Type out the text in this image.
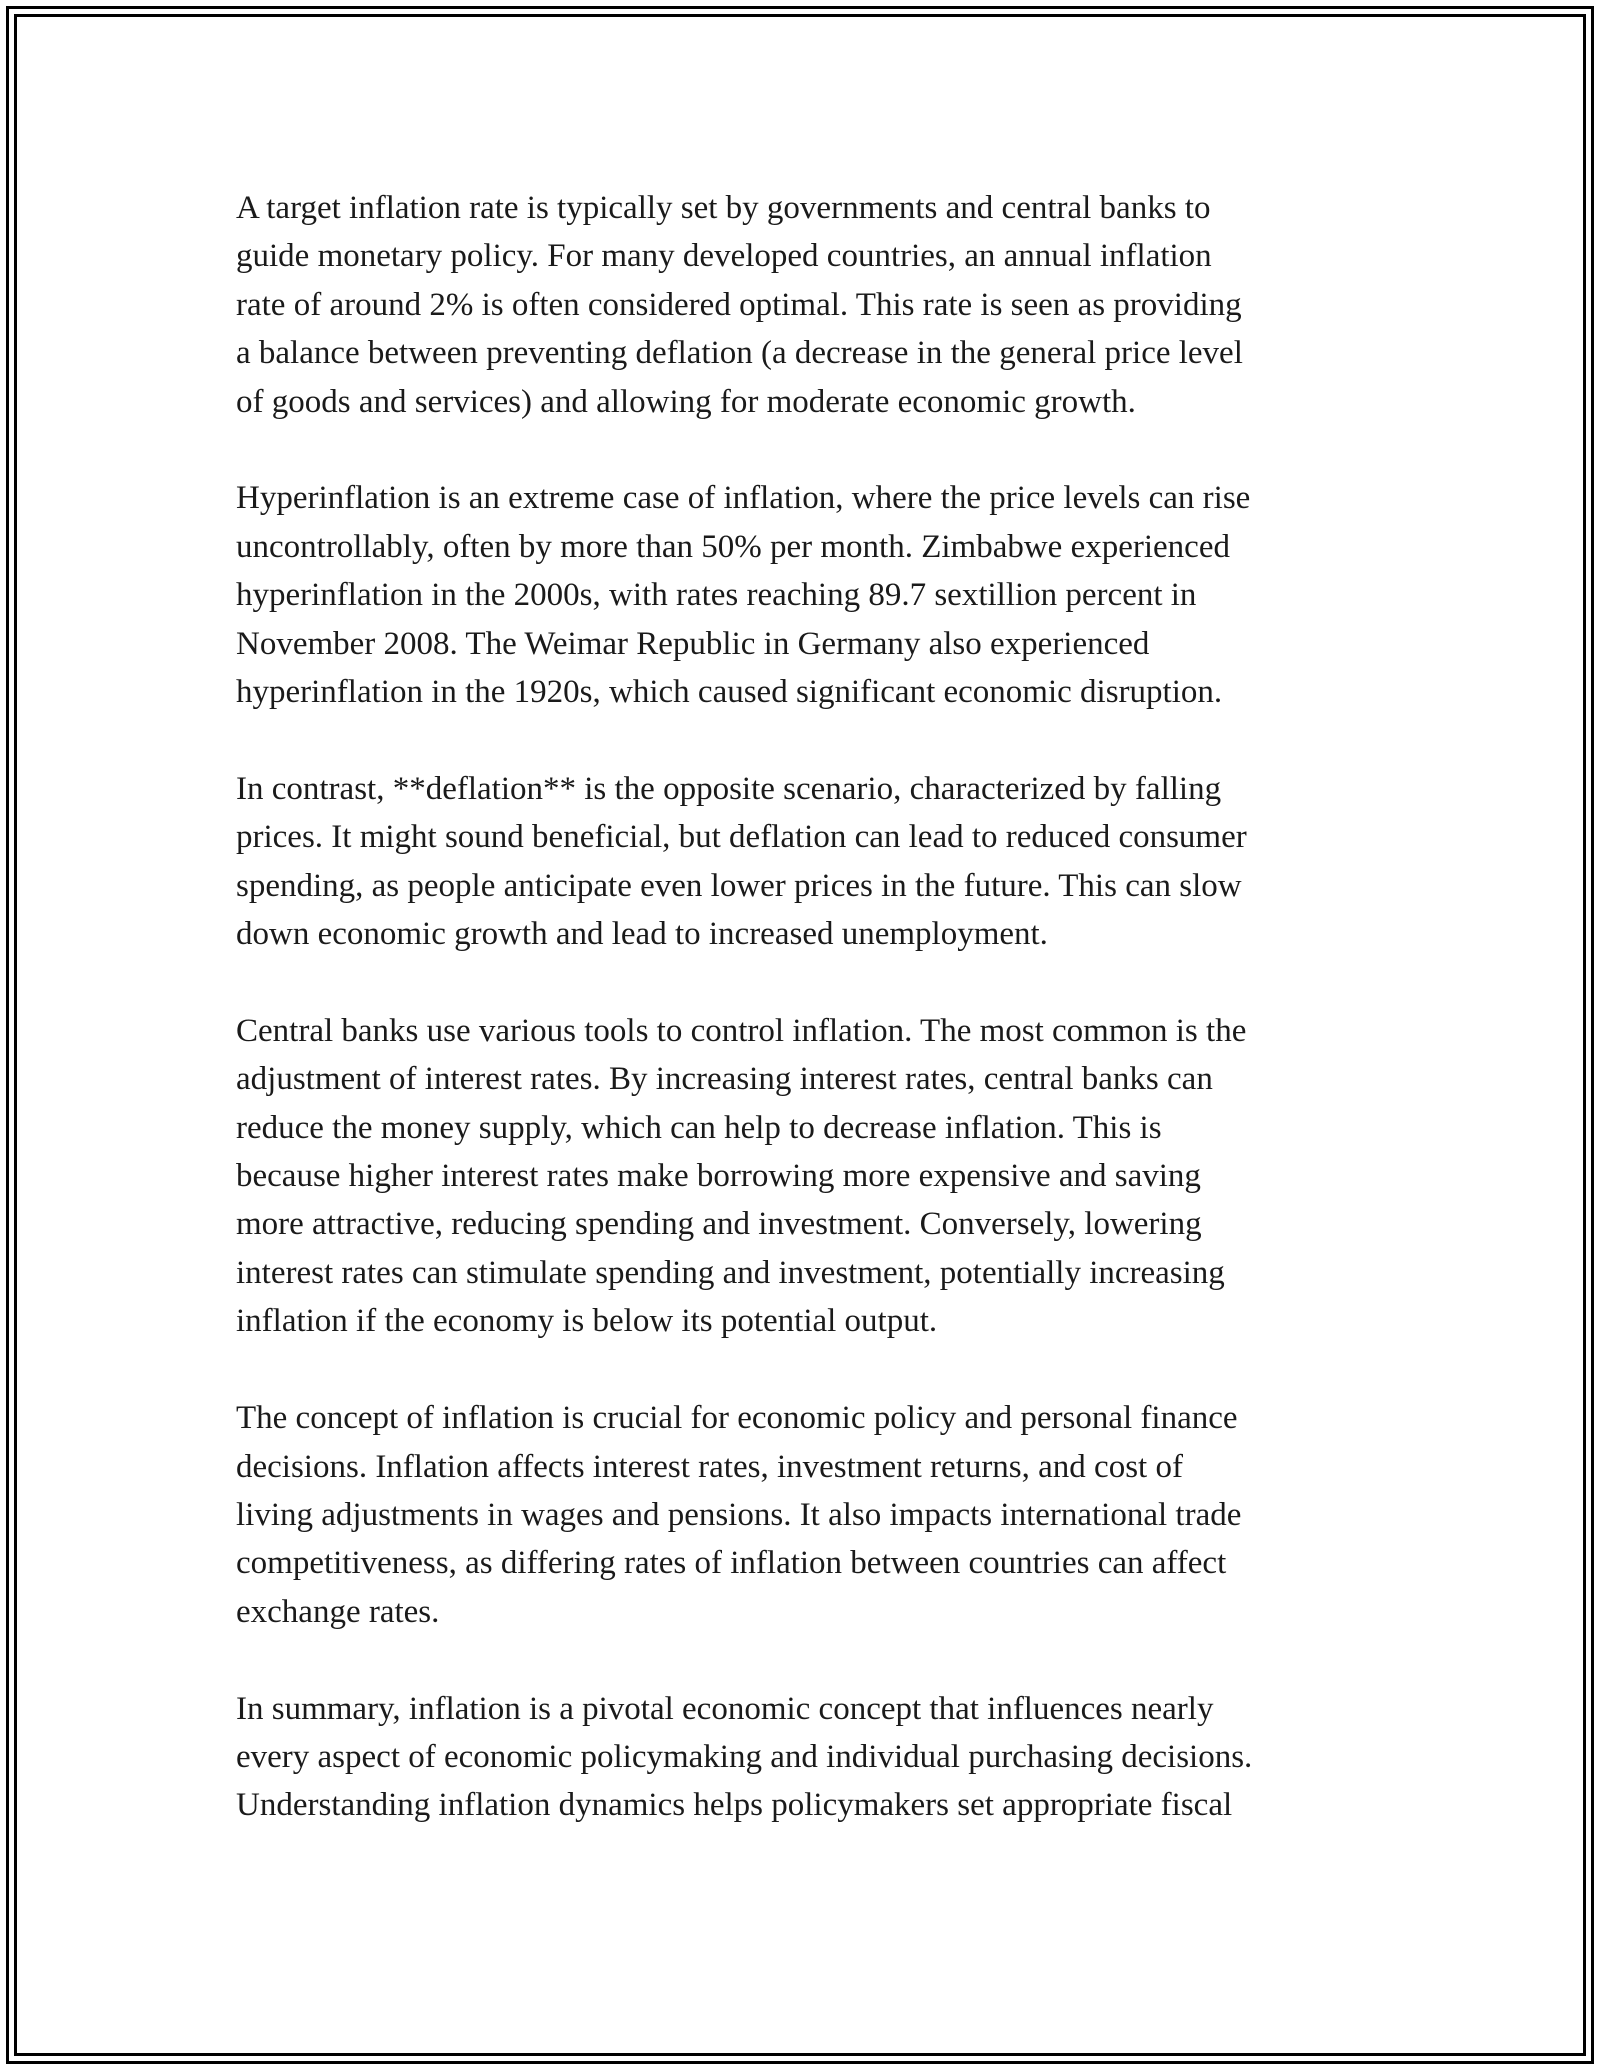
A target inflation rate is typically set by governments and central banks to
guide monetary policy. For many developed countries, an annual inflation
rate of around 2% is often considered optimal. This rate is seen as providing
a balance between preventing deflation (a decrease in the general price level
of goods and services) and allowing for moderate economic growth.

Hyperinflation is an extreme case of inflation, where the price levels can rise
uncontrollably, often by more than 50% per month. Zimbabwe experienced
hyperinflation in the 2000s, with rates reaching 89.7 sextillion percent in
November 2008. The Weimar Republic in Germany also experienced
hyperinflation in the 1920s, which caused significant economic disruption.

In contrast, **deflation** is the opposite scenario, characterized by falling
prices. It might sound beneficial, but deflation can lead to reduced consumer
spending, as people anticipate even lower prices in the future. This can slow
down economic growth and lead to increased unemployment.

Central banks use various tools to control inflation. The most common is the
adjustment of interest rates. By increasing interest rates, central banks can
reduce the money supply, which can help to decrease inflation. This is
because higher interest rates make borrowing more expensive and saving
more attractive, reducing spending and investment. Conversely, lowering
interest rates can stimulate spending and investment, potentially increasing
inflation if the economy is below its potential output.

The concept of inflation is crucial for economic policy and personal finance
decisions. Inflation affects interest rates, investment returns, and cost of
living adjustments in wages and pensions. It also impacts international trade
competitiveness, as differing rates of inflation between countries can affect
exchange rates.

In summary, inflation is a pivotal economic concept that influences nearly
every aspect of economic policymaking and individual purchasing decisions.
Understanding inflation dynamics helps policymakers set appropriate fiscal
